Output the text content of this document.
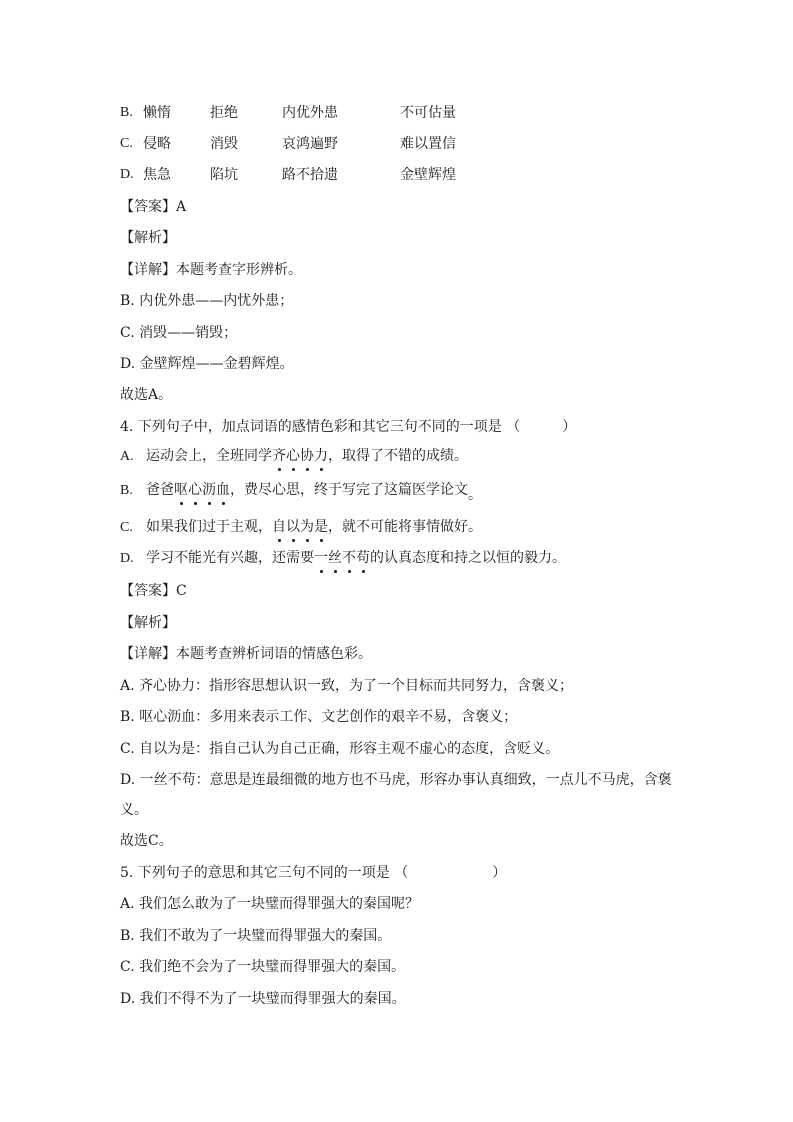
B. 懒惰	拒绝	内优外患	不可估量
C. 侵略	消毁	哀鸿遍野	难以置信
D. 焦急	陷坑	路不拾遗	金壁辉煌
【答案】A
【解析】
【详解】本题考查字形辨析。
B. 内优外患——内忧外患；
C. 消毁——销毁；
D. 金壁辉煌——金碧辉煌。
故选A。
4. 下列句子中，加点词语的感情色彩和其它三句不同的一项是 （　　　）
A. 运动会上，全班同学齐心协力，取得了不错的成绩。
B. 爸爸呕心沥血，费尽心思，终于写完了这篇医学论文。
C. 如果我们过于主观，自以为是，就不可能将事情做好。
D. 学习不能光有兴趣，还需要一丝不苟的认真态度和持之以恒的毅力。
【答案】C
【解析】
【详解】本题考查辨析词语的情感色彩。
A. 齐心协力：指形容思想认识一致，为了一个目标而共同努力，含褒义；
B. 呕心沥血：多用来表示工作、文艺创作的艰辛不易，含褒义；
C. 自以为是：指自己认为自己正确，形容主观不虚心的态度，含贬义。
D. 一丝不苟：意思是连最细微的地方也不马虎，形容办事认真细致，一点儿不马虎，含褒
义。
故选C。
5. 下列句子的意思和其它三句不同的一项是 （　　　　　　）
A. 我们怎么敢为了一块璧而得罪强大的秦国呢？
B. 我们不敢为了一块璧而得罪强大的秦国。
C. 我们绝不会为了一块璧而得罪强大的秦国。
D. 我们不得不为了一块璧而得罪强大的秦国。
